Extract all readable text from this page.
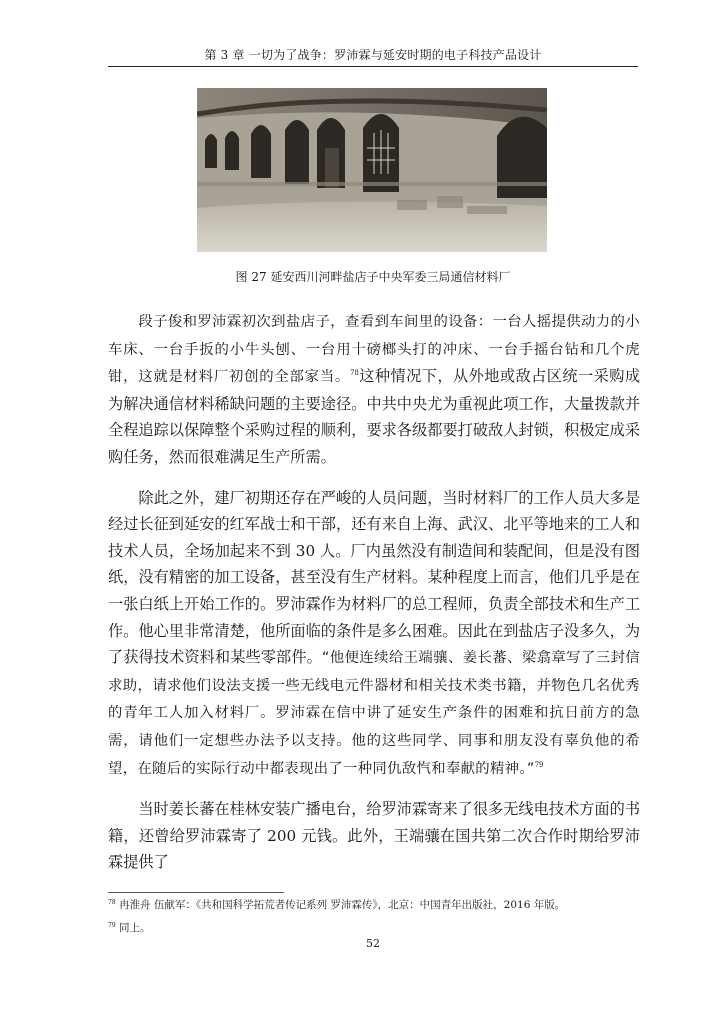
第 3 章 一切为了战争：罗沛霖与延安时期的电子科技产品设计
图 27 延安西川河畔盐店子中央军委三局通信材料厂

段子俊和罗沛霖初次到盐店子，查看到车间里的设备：一台人摇提供动力的小车床、一台手扳的小牛头刨、一台用十磅榔头打的冲床、一台手摇台钻和几个虎钳，这就是材料厂初创的全部家当。$^{78}$这种情况下，从外地或敌占区统一采购成为解决通信材料稀缺问题的主要途径。中共中央尤为重视此项工作，大量拨款并全程追踪以保障整个采购过程的顺利，要求各级都要打破敌人封锁，积极定成采购任务，然而很难满足生产所需。

除此之外，建厂初期还存在严峻的人员问题，当时材料厂的工作人员大多是经过长征到延安的红军战士和干部，还有来自上海、武汉、北平等地来的工人和技术人员，全场加起来不到 30 人。厂内虽然没有制造间和装配间，但是没有图纸，没有精密的加工设备，甚至没有生产材料。某种程度上而言，他们几乎是在一张白纸上开始工作的。罗沛霖作为材料厂的总工程师，负责全部技术和生产工作。他心里非常清楚，他所面临的条件是多么困难。因此在到盐店子没多久，为了获得技术资料和某些零部件。“他便连续给王端骧、姜长蕃、梁翕章写了三封信求助，请求他们设法支援一些无线电元件器材和相关技术类书籍，并物色几名优秀的青年工人加入材料厂。罗沛霖在信中讲了延安生产条件的困难和抗日前方的急需，请他们一定想些办法予以支持。他的这些同学、同事和朋友没有辜负他的希望，在随后的实际行动中都表现出了一种同仇敌忾和奉献的精神。”$^{79}$

当时姜长蕃在桂林安装广播电台，给罗沛霖寄来了很多无线电技术方面的书籍，还曾给罗沛霖寄了 200 元钱。此外，王端骧在国共第二次合作时期给罗沛霖提供了

$^{78}$ 冉淮舟 伍献军：《共和国科学拓荒者传记系列 罗沛霖传》，北京：中国青年出版社，2016 年版。

$^{79}$ 同上。

52
